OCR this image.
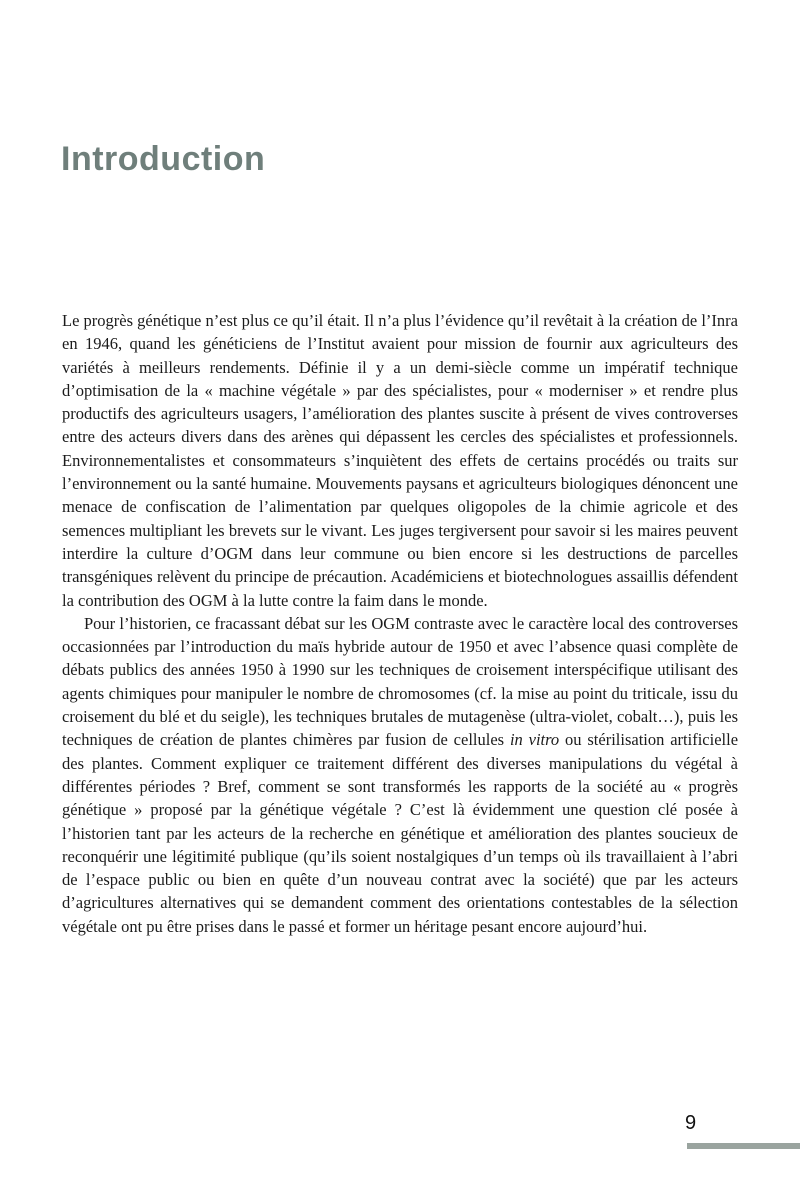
Introduction

Le progrès génétique n’est plus ce qu’il était. Il n’a plus l’évidence qu’il revêtait à la création de l’Inra en 1946, quand les généticiens de l’Institut avaient pour mission de fournir aux agriculteurs des variétés à meilleurs rendements. Définie il y a un demi-siècle comme un impératif technique d’optimisation de la « machine végétale » par des spécialistes, pour « moderniser » et rendre plus productifs des agriculteurs usagers, l’amélioration des plantes suscite à présent de vives controverses entre des acteurs divers dans des arènes qui dépassent les cercles des spécialistes et professionnels. Environnementalistes et consommateurs s’inquiètent des effets de certains procédés ou traits sur l’environnement ou la santé humaine. Mouvements paysans et agriculteurs biologiques dénoncent une menace de confiscation de l’alimentation par quelques oligopoles de la chimie agricole et des semences multipliant les brevets sur le vivant. Les juges tergiversent pour savoir si les maires peuvent interdire la culture d’OGM dans leur commune ou bien encore si les destructions de parcelles transgéniques relèvent du principe de précaution. Académiciens et biotechnologues assaillis défendent la contribution des OGM à la lutte contre la faim dans le monde.

Pour l’historien, ce fracassant débat sur les OGM contraste avec le caractère local des controverses occasionnées par l’introduction du maïs hybride autour de 1950 et avec l’absence quasi complète de débats publics des années 1950 à 1990 sur les techniques de croisement interspécifique utilisant des agents chimiques pour manipuler le nombre de chromosomes (cf. la mise au point du triticale, issu du croisement du blé et du seigle), les techniques brutales de mutagenèse (ultra-violet, cobalt…), puis les techniques de création de plantes chimères par fusion de cellules in vitro ou stérilisation artificielle des plantes. Comment expliquer ce traitement différent des diverses manipulations du végétal à différentes périodes ? Bref, comment se sont transformés les rapports de la société au « progrès génétique » proposé par la génétique végétale ? C’est là évidemment une question clé posée à l’historien tant par les acteurs de la recherche en génétique et amélioration des plantes soucieux de reconquérir une légitimité publique (qu’ils soient nostalgiques d’un temps où ils travaillaient à l’abri de l’espace public ou bien en quête d’un nouveau contrat avec la société) que par les acteurs d’agricultures alternatives qui se demandent comment des orientations contestables de la sélection végétale ont pu être prises dans le passé et former un héritage pesant encore aujourd’hui.

9
